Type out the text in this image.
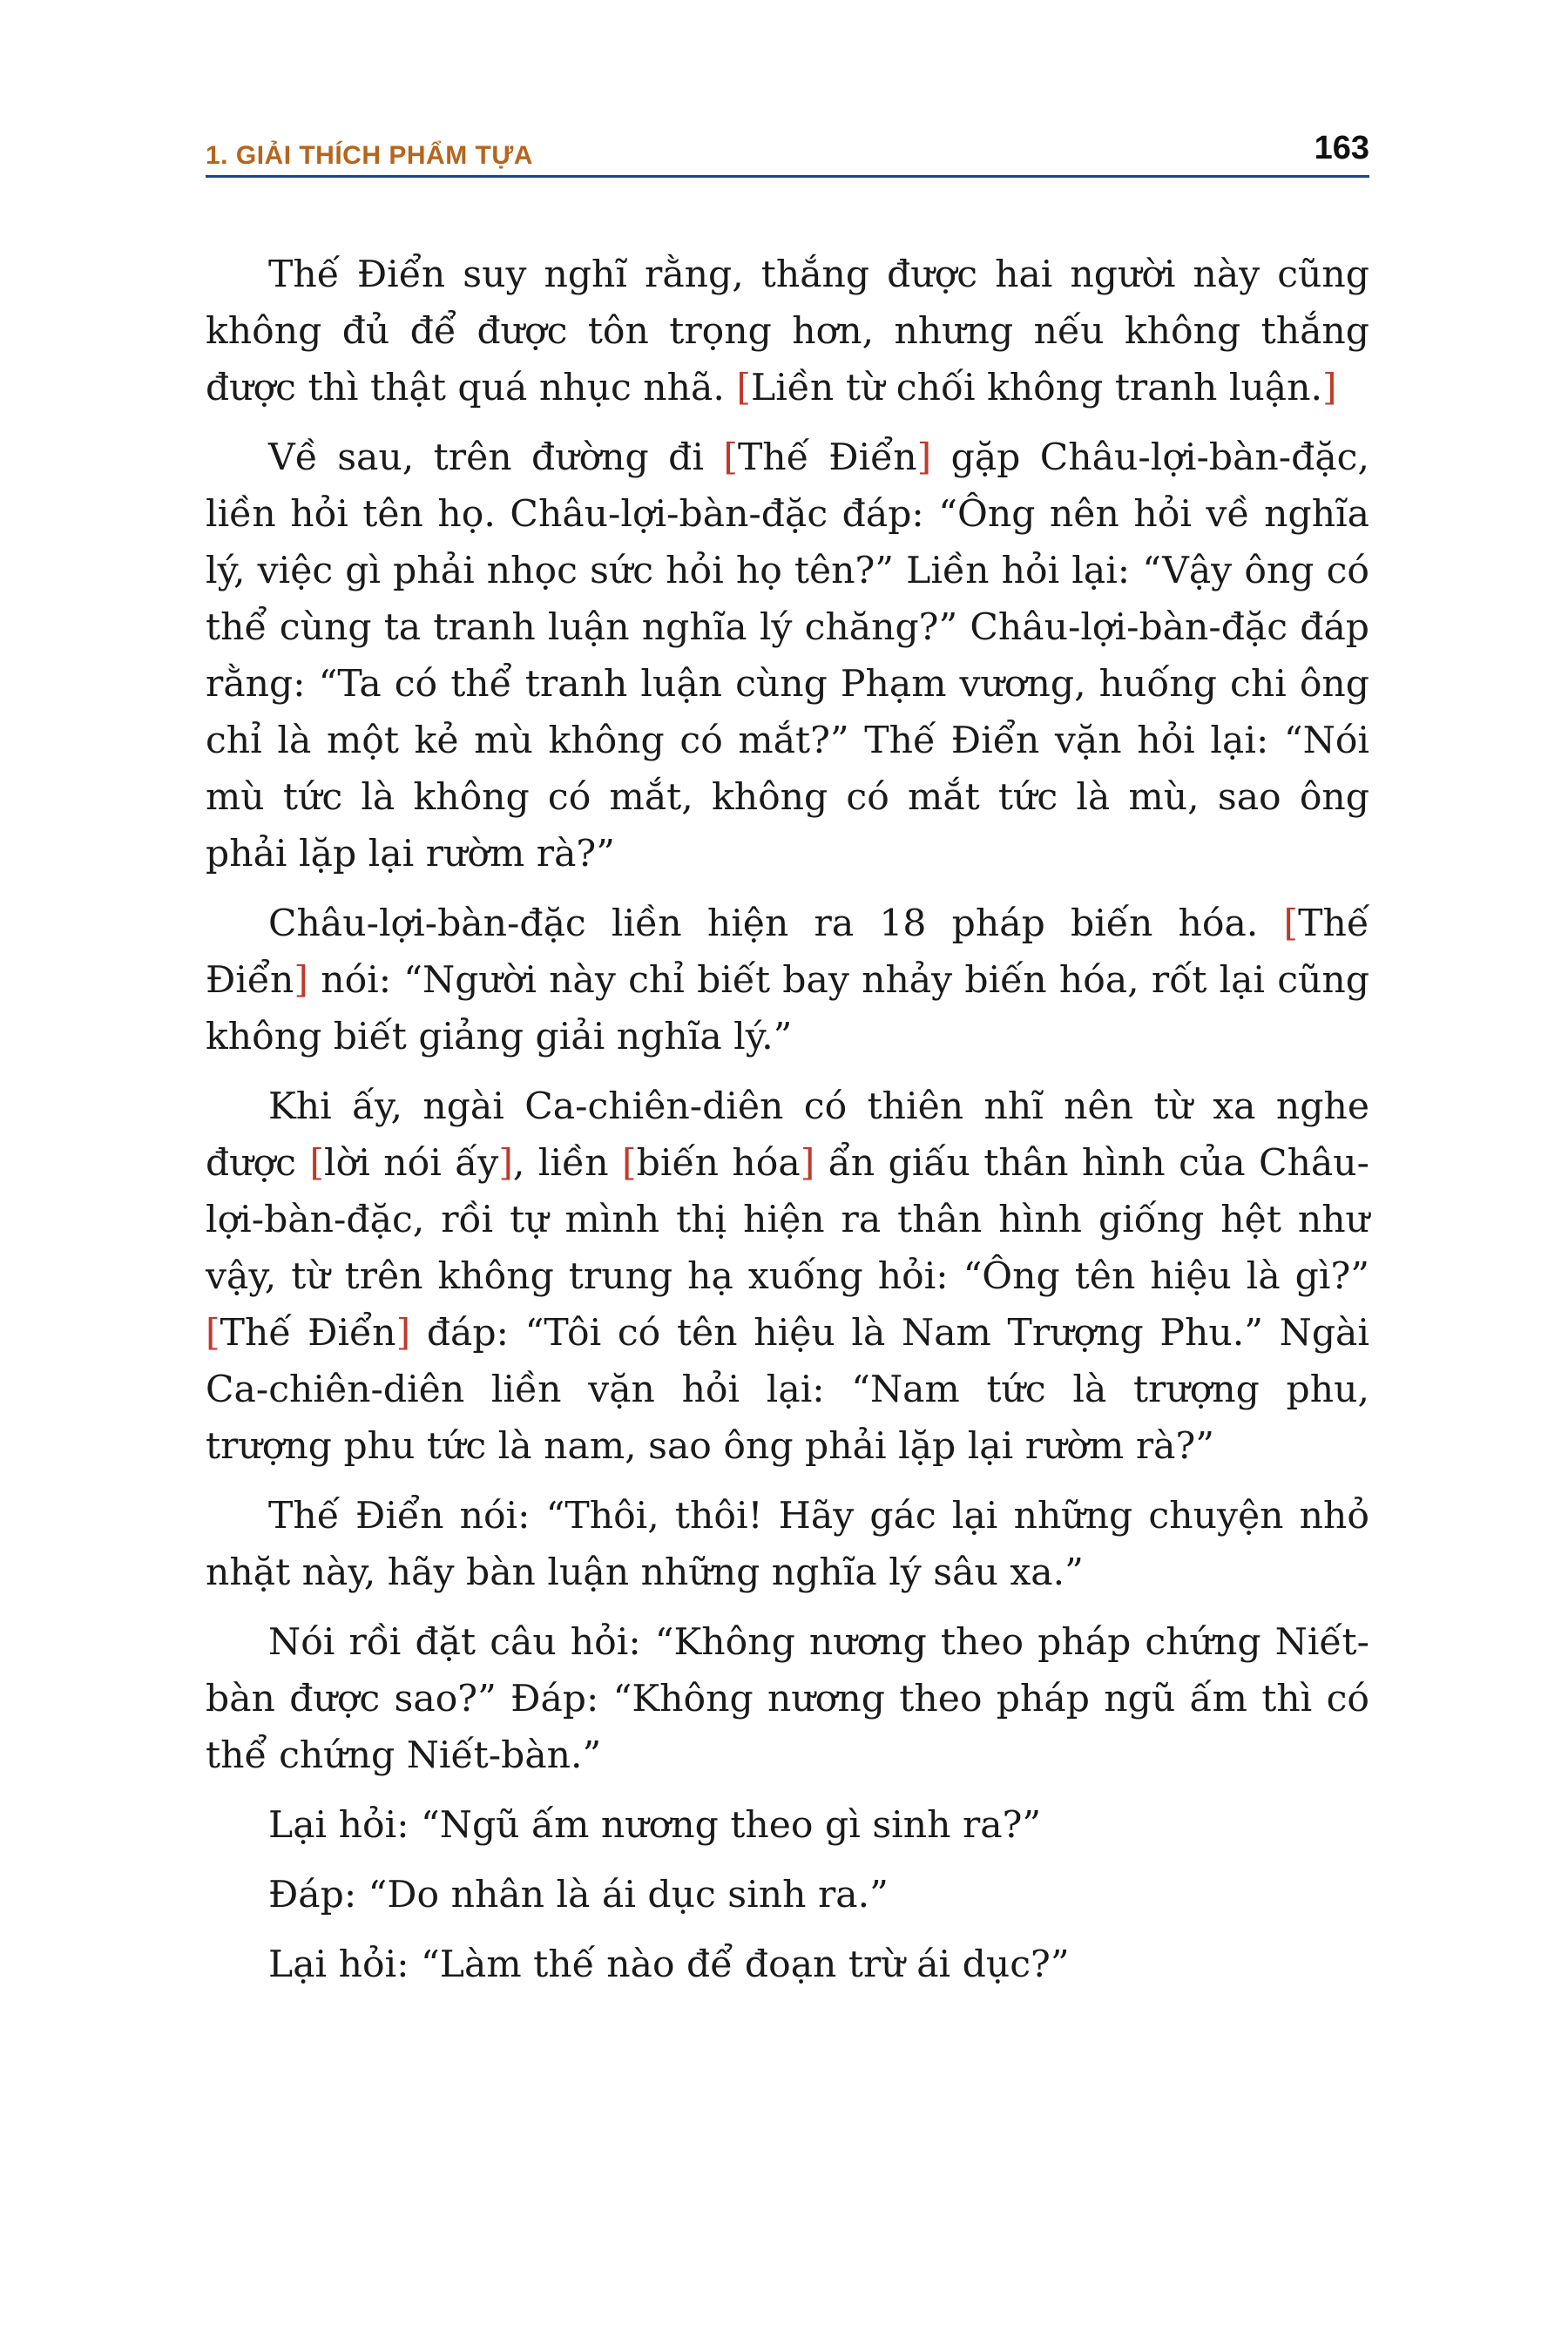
1. GIẢI THÍCH PHẨM TỰA	163

Thế Điển suy nghĩ rằng, thắng được hai người này cũng không đủ để được tôn trọng hơn, nhưng nếu không thắng được thì thật quá nhục nhã. [Liền từ chối không tranh luận.]

Về sau, trên đường đi [Thế Điển] gặp Châu-lợi-bàn-đặc, liền hỏi tên họ. Châu-lợi-bàn-đặc đáp: “Ông nên hỏi về nghĩa lý, việc gì phải nhọc sức hỏi họ tên?” Liền hỏi lại: “Vậy ông có thể cùng ta tranh luận nghĩa lý chăng?” Châu-lợi-bàn-đặc đáp rằng: “Ta có thể tranh luận cùng Phạm vương, huống chi ông chỉ là một kẻ mù không có mắt?” Thế Điển vặn hỏi lại: “Nói mù tức là không có mắt, không có mắt tức là mù, sao ông phải lặp lại rườm rà?”

Châu-lợi-bàn-đặc liền hiện ra 18 pháp biến hóa. [Thế Điển] nói: “Người này chỉ biết bay nhảy biến hóa, rốt lại cũng không biết giảng giải nghĩa lý.”

Khi ấy, ngài Ca-chiên-diên có thiên nhĩ nên từ xa nghe được [lời nói ấy], liền [biến hóa] ẩn giấu thân hình của Châu-lợi-bàn-đặc, rồi tự mình thị hiện ra thân hình giống hệt như vậy, từ trên không trung hạ xuống hỏi: “Ông tên hiệu là gì?” [Thế Điển] đáp: “Tôi có tên hiệu là Nam Trượng Phu.” Ngài Ca-chiên-diên liền vặn hỏi lại: “Nam tức là trượng phu, trượng phu tức là nam, sao ông phải lặp lại rườm rà?”

Thế Điển nói: “Thôi, thôi! Hãy gác lại những chuyện nhỏ nhặt này, hãy bàn luận những nghĩa lý sâu xa.”

Nói rồi đặt câu hỏi: “Không nương theo pháp chứng Niết-bàn được sao?” Đáp: “Không nương theo pháp ngũ ấm thì có thể chứng Niết-bàn.”

Lại hỏi: “Ngũ ấm nương theo gì sinh ra?”

Đáp: “Do nhân là ái dục sinh ra.”

Lại hỏi: “Làm thế nào để đoạn trừ ái dục?”
